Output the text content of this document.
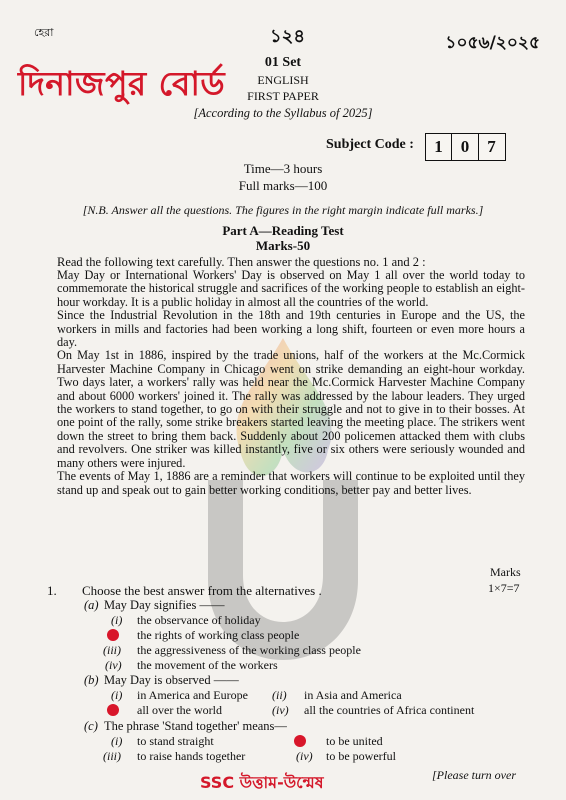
হেরা	১২৪	১০৫৬/২০২৫
দিনাজপুর বোর্ড
01 Set
ENGLISH
FIRST PAPER
[According to the Syllabus of 2025]
Subject Code :	1	0	7
Time—3 hours
Full marks—100
[N.B. Answer all the questions. The figures in the right margin indicate full marks.]
Part A—Reading Test
Marks-50
Read the following text carefully. Then answer the questions no. 1 and 2 :

May Day or International Workers' Day is observed on May 1 all over the world today to commemorate the historical struggle and sacrifices of the working people to establish an eight-hour workday. It is a public holiday in almost all the countries of the world.

Since the Industrial Revolution in the 18th and 19th centuries in Europe and the US, the workers in mills and factories had been working a long shift, fourteen or even more hours a day.

On May 1st in 1886, inspired by the trade unions, half of the workers at the Mc.Cormick Harvester Machine Company in Chicago went on strike demanding an eight-hour workday. Two days later, a workers' rally was held near the Mc.Cormick Harvester Machine Company and about 6000 workers' joined it. The rally was addressed by the labour leaders. They urged the workers to stand together, to go on with their struggle and not to give in to their bosses. At one point of the rally, some strike breakers started leaving the meeting place. The strikers went down the street to bring them back. Suddenly about 200 policemen attacked them with clubs and revolvers. One striker was killed instantly, five or six others were seriously wounded and many others were injured.

The events of May 1, 1886 are a reminder that workers will continue to be exploited until they stand up and speak out to gain better working conditions, better pay and better lives.

Marks
1×7=7
1. Choose the best answer from the alternatives .
(a) May Day signifies ——
(i) the observance of holiday
the rights of working class people
(iii) the aggressiveness of the working class people
(iv) the movement of the workers
(b) May Day is observed ——
(i) in America and Europe (ii) in Asia and America
all over the world	(iv) all the countries of Africa continent
(c) The phrase 'Stand together' means—
(i) to stand straight	to be united
(iii) to raise hands together	(iv) to be powerful
SSC উত্তাম-উন্মেষ	[Please turn over
